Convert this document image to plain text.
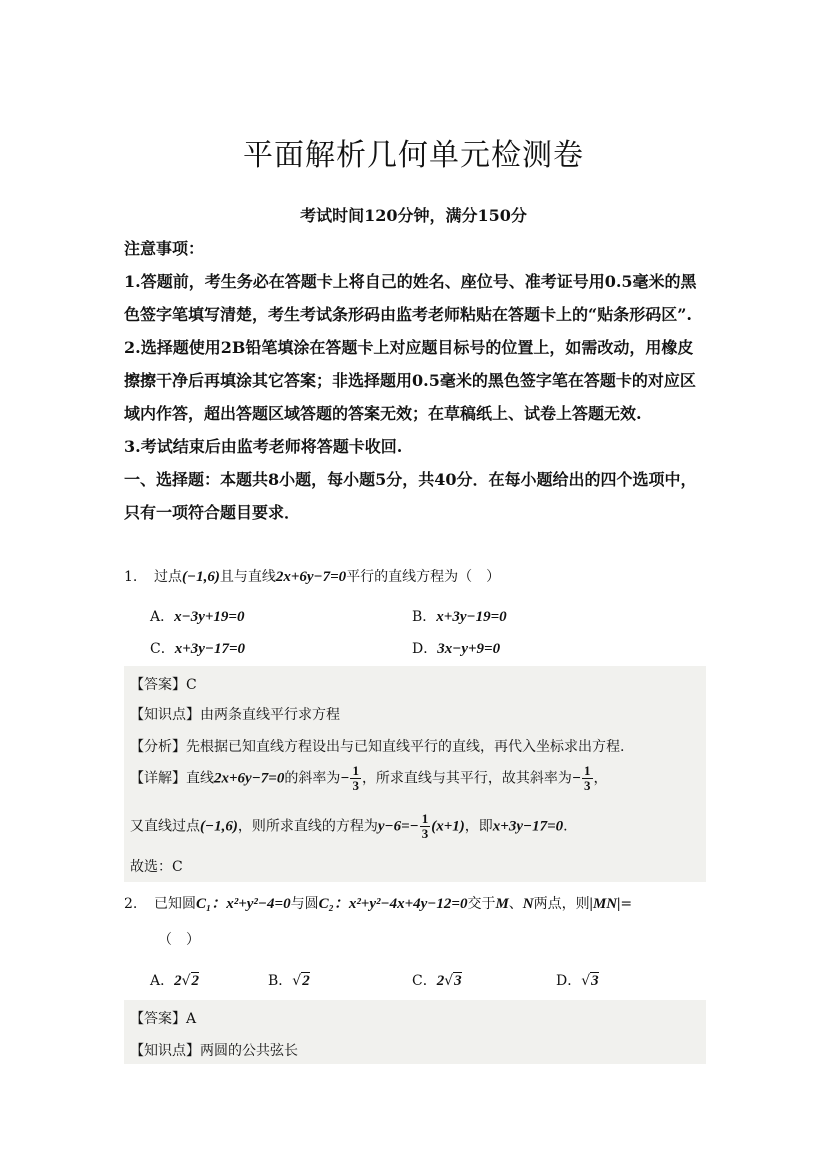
平面解析几何单元检测卷
考试时间120分钟，满分150分

注意事项：

1.答题前，考生务必在答题卡上将自己的姓名、座位号、准考证号用0.5毫米的黑色签字笔填写清楚，考生考试条形码由监考老师粘贴在答题卡上的“贴条形码区”.

2.选择题使用2B铅笔填涂在答题卡上对应题目标号的位置上，如需改动，用橡皮擦擦干净后再填涂其它答案；非选择题用0.5毫米的黑色签字笔在答题卡的对应区域内作答，超出答题区域答题的答案无效；在草稿纸上、试卷上答题无效.

3.考试结束后由监考老师将答题卡收回.

一、选择题：本题共8小题，每小题5分，共40分．在每小题给出的四个选项中，只有一项符合题目要求．

1. 过点(−1,6)且与直线2x+6y−7=0平行的直线方程为（　）
A．x−3y+19=0	B．x+3y−19=0
C．x+3y−17=0	D．3x−y+9=0
【答案】C
【知识点】由两条直线平行求方程
【分析】先根据已知直线方程设出与已知直线平行的直线，再代入坐标求出方程.
【详解】直线2x+6y−7=0的斜率为− $\frac{1}{3}$ ，所求直线与其平行，故其斜率为− $\frac{1}{3}$ ，
又直线过点(−1,6)，则所求直线的方程为$y-6=- \frac{1}{3} (x+1)$，即x+3y−17=0.
故选：C
2. 已知圆C₁：x²+y²−4=0与圆C₂：x²+y²−4x+4y−12=0交于M、N两点，则|MN|=
（　）
A．2√2	B．√2	C．2√3	D．√3
【答案】A
【知识点】两圆的公共弦长
